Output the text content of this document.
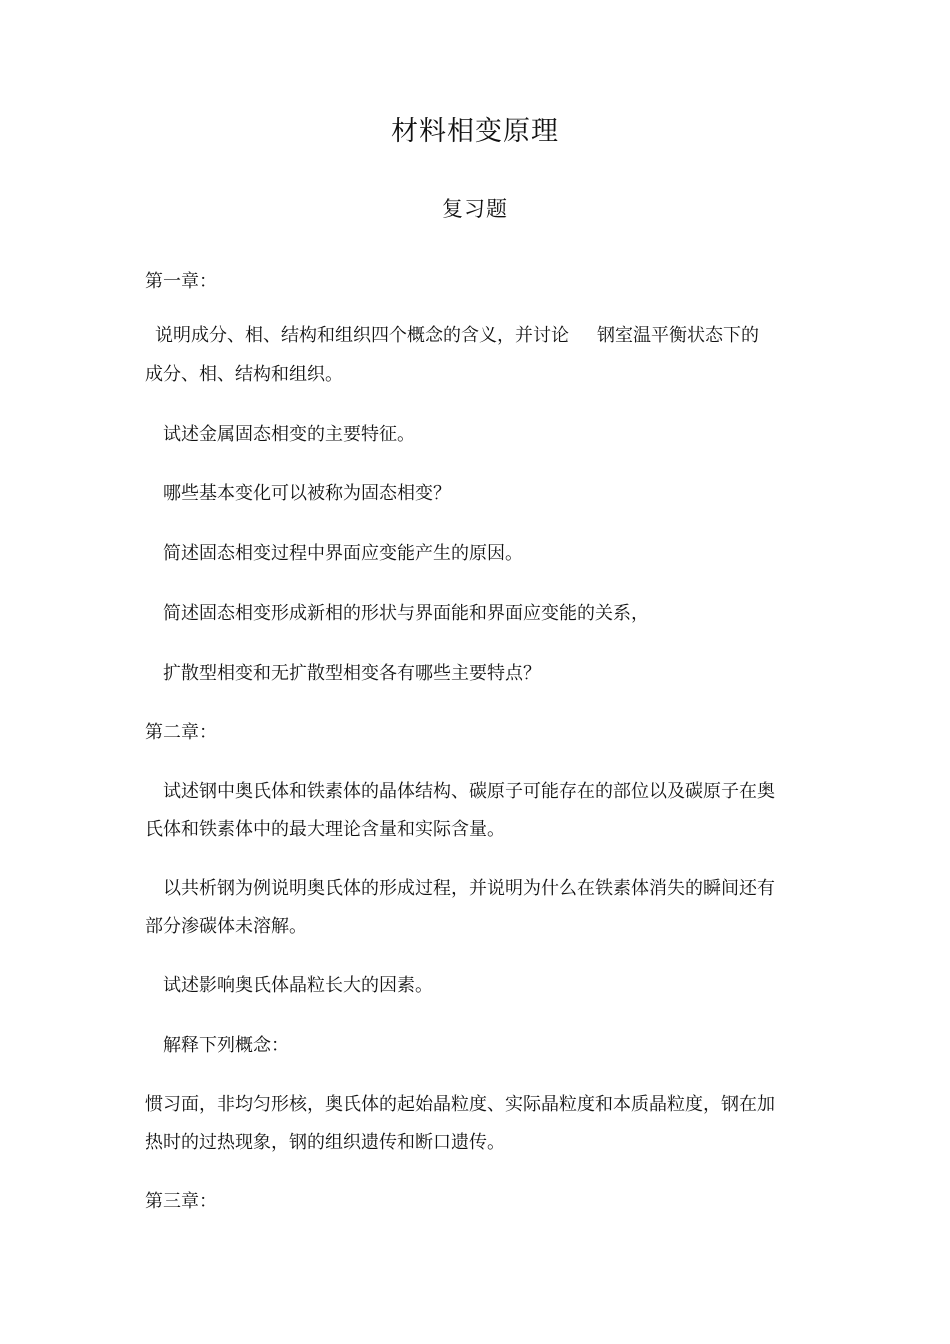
材料相变原理
复习题
第一章：
说明成分、相、结构和组织四个概念的含义，并讨论 钢室温平衡状态下的
成分、相、结构和组织。
试述金属固态相变的主要特征。
哪些基本变化可以被称为固态相变？
简述固态相变过程中界面应变能产生的原因。
简述固态相变形成新相的形状与界面能和界面应变能的关系，
扩散型相变和无扩散型相变各有哪些主要特点？
第二章：
试述钢中奥氏体和铁素体的晶体结构、碳原子可能存在的部位以及碳原子在奥
氏体和铁素体中的最大理论含量和实际含量。
以共析钢为例说明奥氏体的形成过程，并说明为什么在铁素体消失的瞬间还有
部分渗碳体未溶解。
试述影响奥氏体晶粒长大的因素。
解释下列概念：
惯习面，非均匀形核，奥氏体的起始晶粒度、实际晶粒度和本质晶粒度，钢在加
热时的过热现象，钢的组织遗传和断口遗传。
第三章：
